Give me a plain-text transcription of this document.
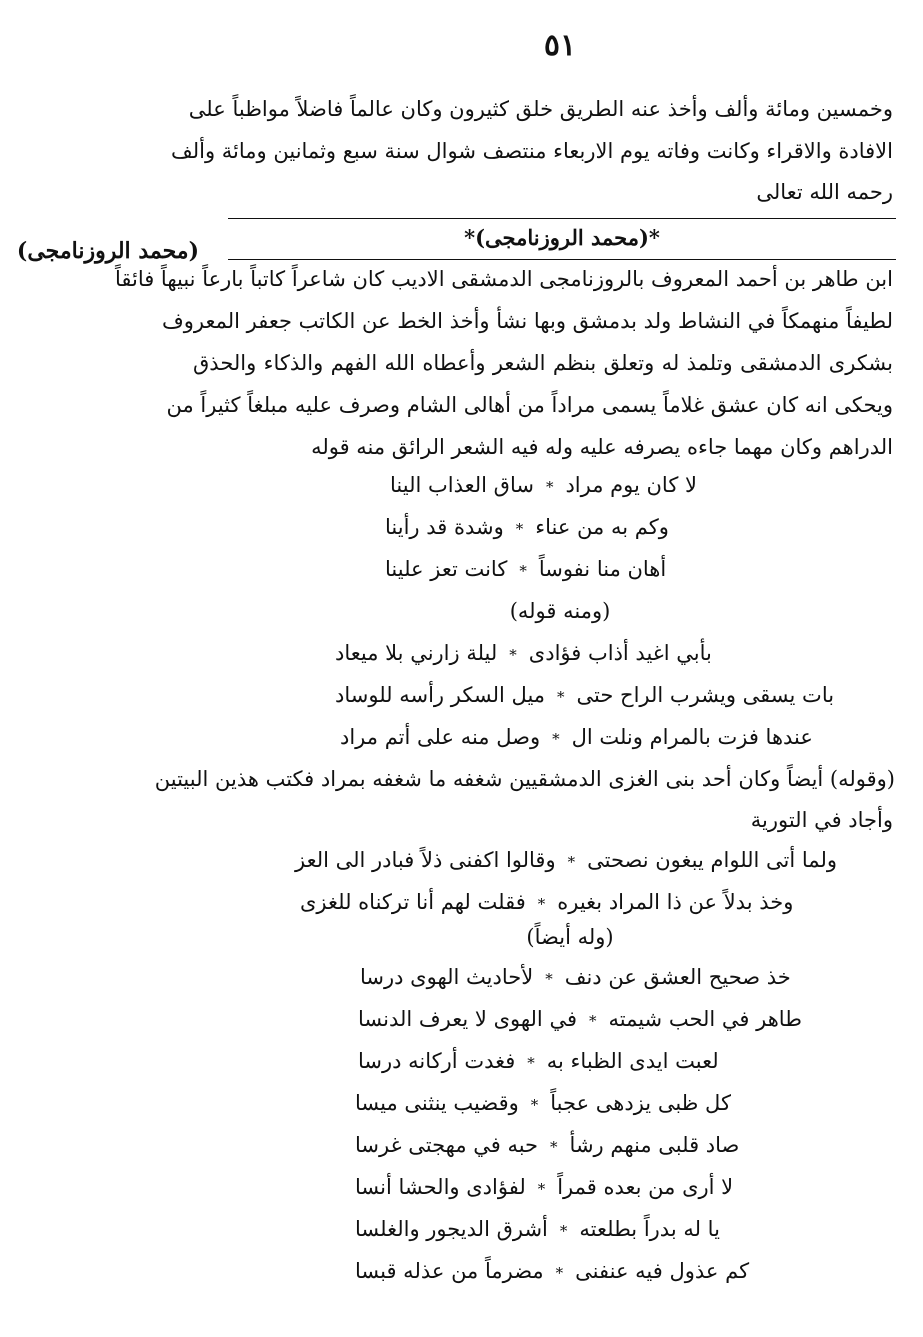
٥١
وخمسين ومائة وألف وأخذ عنه الطريق خلق كثيرون وكان عالماً فاضلاً مواظباً على
الافادة والاقراء وكانت وفاته يوم الاربعاء منتصف شوال سنة سبع وثمانين ومائة وألف
رحمه الله تعالى
*(محمد الروزنامجى)*
(محمد الروزنامجى)
ابن طاهر بن أحمد المعروف بالروزنامجى الدمشقى الاديب كان شاعراً كاتباً بارعاً نبيهاً فائقاً
لطيفاً منهمكاً في النشاط ولد بدمشق وبها نشأ وأخذ الخط عن الكاتب جعفر المعروف
بشكرى الدمشقى وتلمذ له وتعلق بنظم الشعر وأعطاه الله الفهم والذكاء والحذق
ويحكى انه كان عشق غلاماً يسمى مراداً من أهالى الشام وصرف عليه مبلغاً كثيراً من
الدراهم وكان مهما جاءه يصرفه عليه وله فيه الشعر الرائق منه قوله
لا كان يوم مراد
*
ساق العذاب الينا
وكم به من عناء
*
وشدة قد رأينا
أهان منا نفوساً
*
كانت تعز علينا
(ومنه قوله)
بأبي اغيد أذاب فؤادى
*
ليلة زارني بلا ميعاد
بات يسقى ويشرب الراح حتى
*
ميل السكر رأسه للوساد
عندها فزت بالمرام ونلت ال
*
وصل منه على أتم مراد
(وقوله) أيضاً وكان أحد بنى الغزى الدمشقيين شغفه ما شغفه بمراد فكتب هذين البيتين
وأجاد في التورية
ولما أتى اللوام يبغون نصحتى
*
وقالوا اكفنى ذلاً فبادر الى العز
وخذ بدلاً عن ذا المراد بغيره
*
فقلت لهم أنا تركناه للغزى
(وله أيضاً)
خذ صحيح العشق عن دنف
*
لأحاديث الهوى درسا
طاهر في الحب شيمته
*
في الهوى لا يعرف الدنسا
لعبت ايدى الظباء به
*
فغدت أركانه درسا
كل ظبى يزدهى عجباً
*
وقضيب ينثنى ميسا
صاد قلبى منهم رشأ
*
حبه في مهجتى غرسا
لا أرى من بعده قمراً
*
لفؤادى والحشا أنسا
يا له بدراً بطلعته
*
أشرق الديجور والغلسا
كم عذول فيه عنفنى
*
مضرماً من عذله قبسا
